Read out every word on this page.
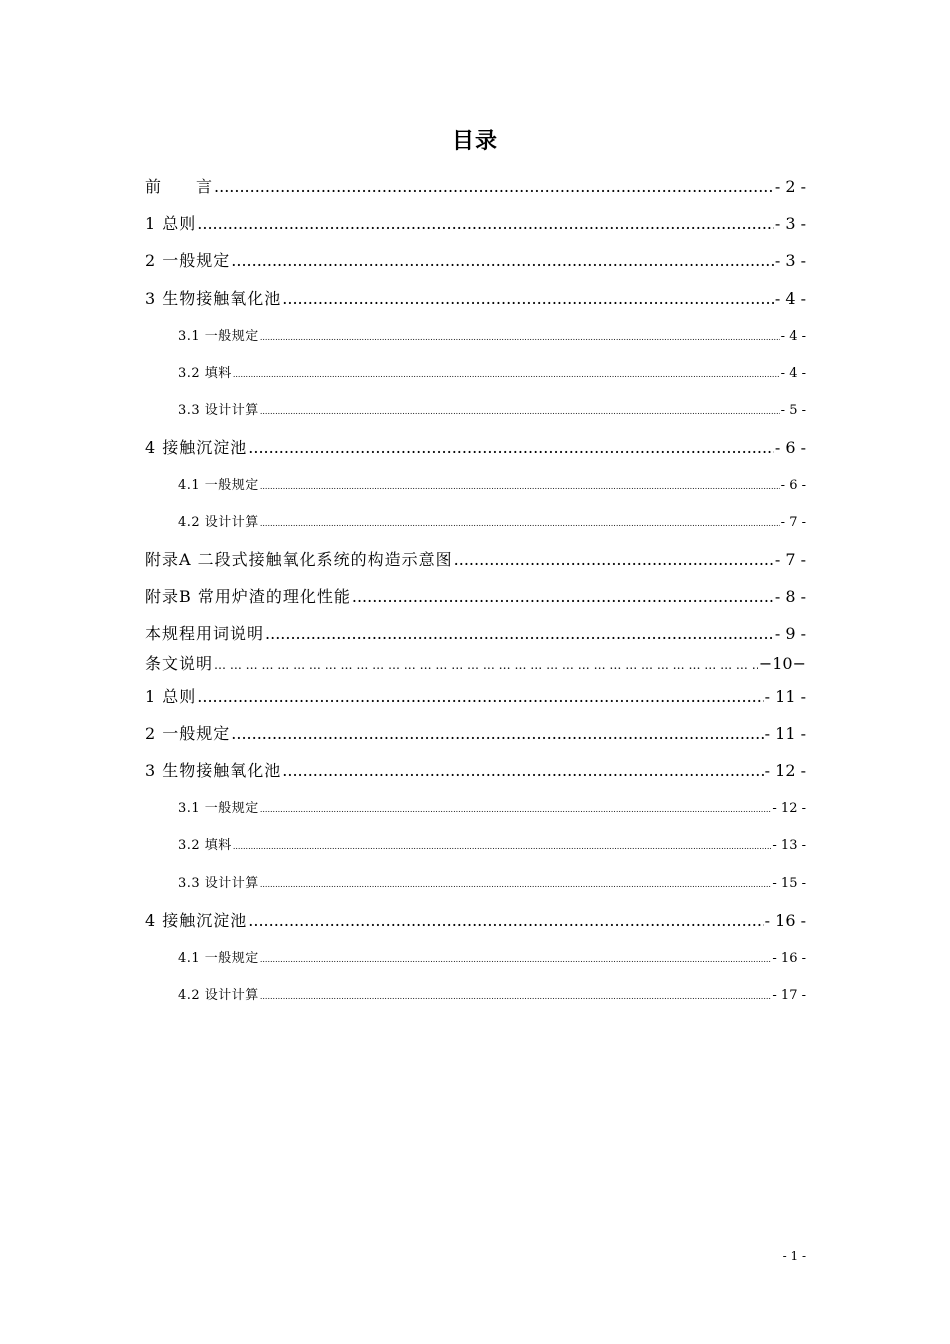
目录
前　　言 .....	- 2 -
1 总则 .....	- 3 -
2 一般规定 .....	- 3 -
3 生物接触氧化池 .....	- 4 -
3.1 一般规定 .....	- 4 -
3.2 填料 .....	- 4 -
3.3 设计计算 .....	- 5 -
4 接触沉淀池 .....	- 6 -
4.1 一般规定 .....	- 6 -
4.2 设计计算 .....	- 7 -
附录A 二段式接触氧化系统的构造示意图 .....	- 7 -
附录B 常用炉渣的理化性能 .....	- 8 -
本规程用词说明 .....	- 9 -
条文说明 … … … … … … … … … … … … … … … … … … … … … … … … … … … … … … … … … … … … … … … … … … … …	−10−
1 总则 .....	- 11 -
2 一般规定 .....	- 11 -
3 生物接触氧化池 .....	- 12 -
3.1 一般规定 .....	- 12 -
3.2 填料 .....	- 13 -
3.3 设计计算 .....	- 15 -
4 接触沉淀池 .....	- 16 -
4.1 一般规定 .....	- 16 -
4.2 设计计算 .....	- 17 -
- 1 -
